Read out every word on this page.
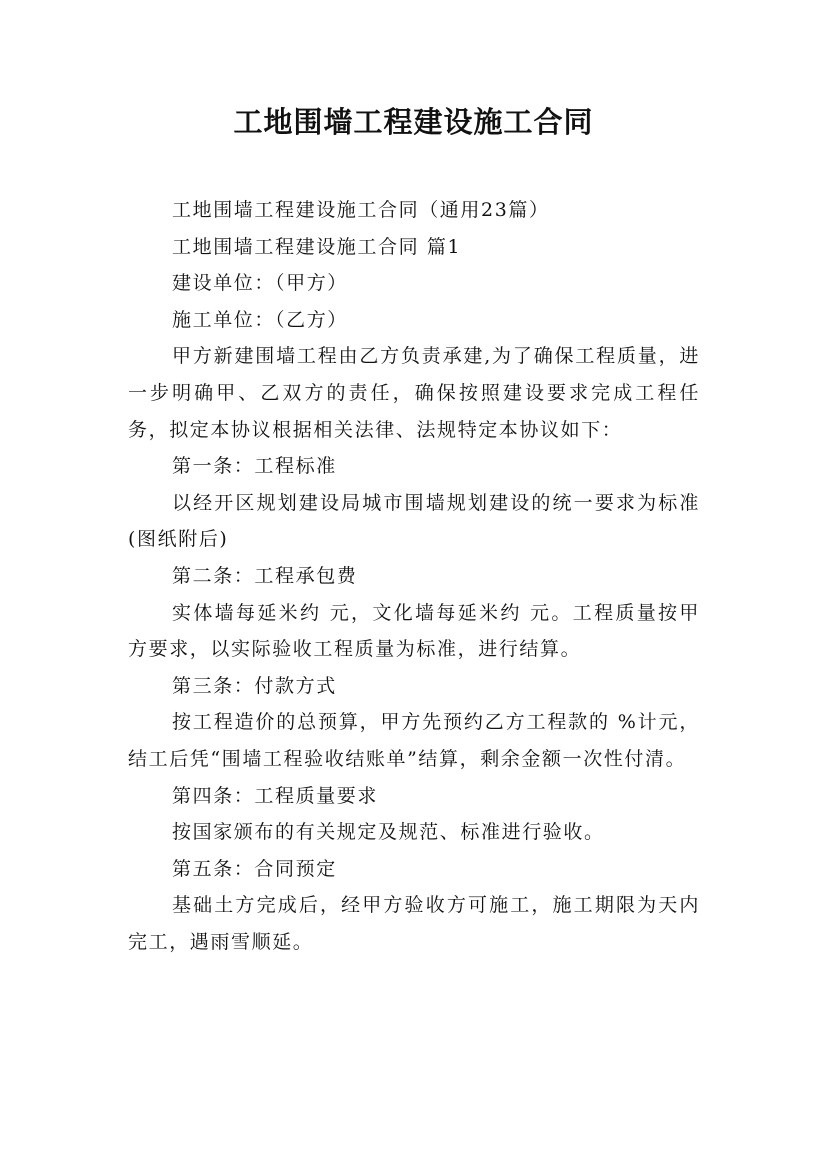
工地围墙工程建设施工合同

工地围墙工程建设施工合同（通用23篇）

工地围墙工程建设施工合同 篇1

建设单位：（甲方）

施工单位：（乙方）

甲方新建围墙工程由乙方负责承建,为了确保工程质量，进一步明确甲、乙双方的责任，确保按照建设要求完成工程任务，拟定本协议根据相关法律、法规特定本协议如下：

第一条：工程标准

以经开区规划建设局城市围墙规划建设的统一要求为标准(图纸附后)

第二条：工程承包费

实体墙每延米约 元，文化墙每延米约 元。工程质量按甲方要求，以实际验收工程质量为标准，进行结算。

第三条：付款方式

按工程造价的总预算，甲方先预约乙方工程款的 %计元，结工后凭“围墙工程验收结账单”结算，剩余金额一次性付清。

第四条：工程质量要求

按国家颁布的有关规定及规范、标准进行验收。

第五条：合同预定

基础土方完成后，经甲方验收方可施工，施工期限为天内完工，遇雨雪顺延。
